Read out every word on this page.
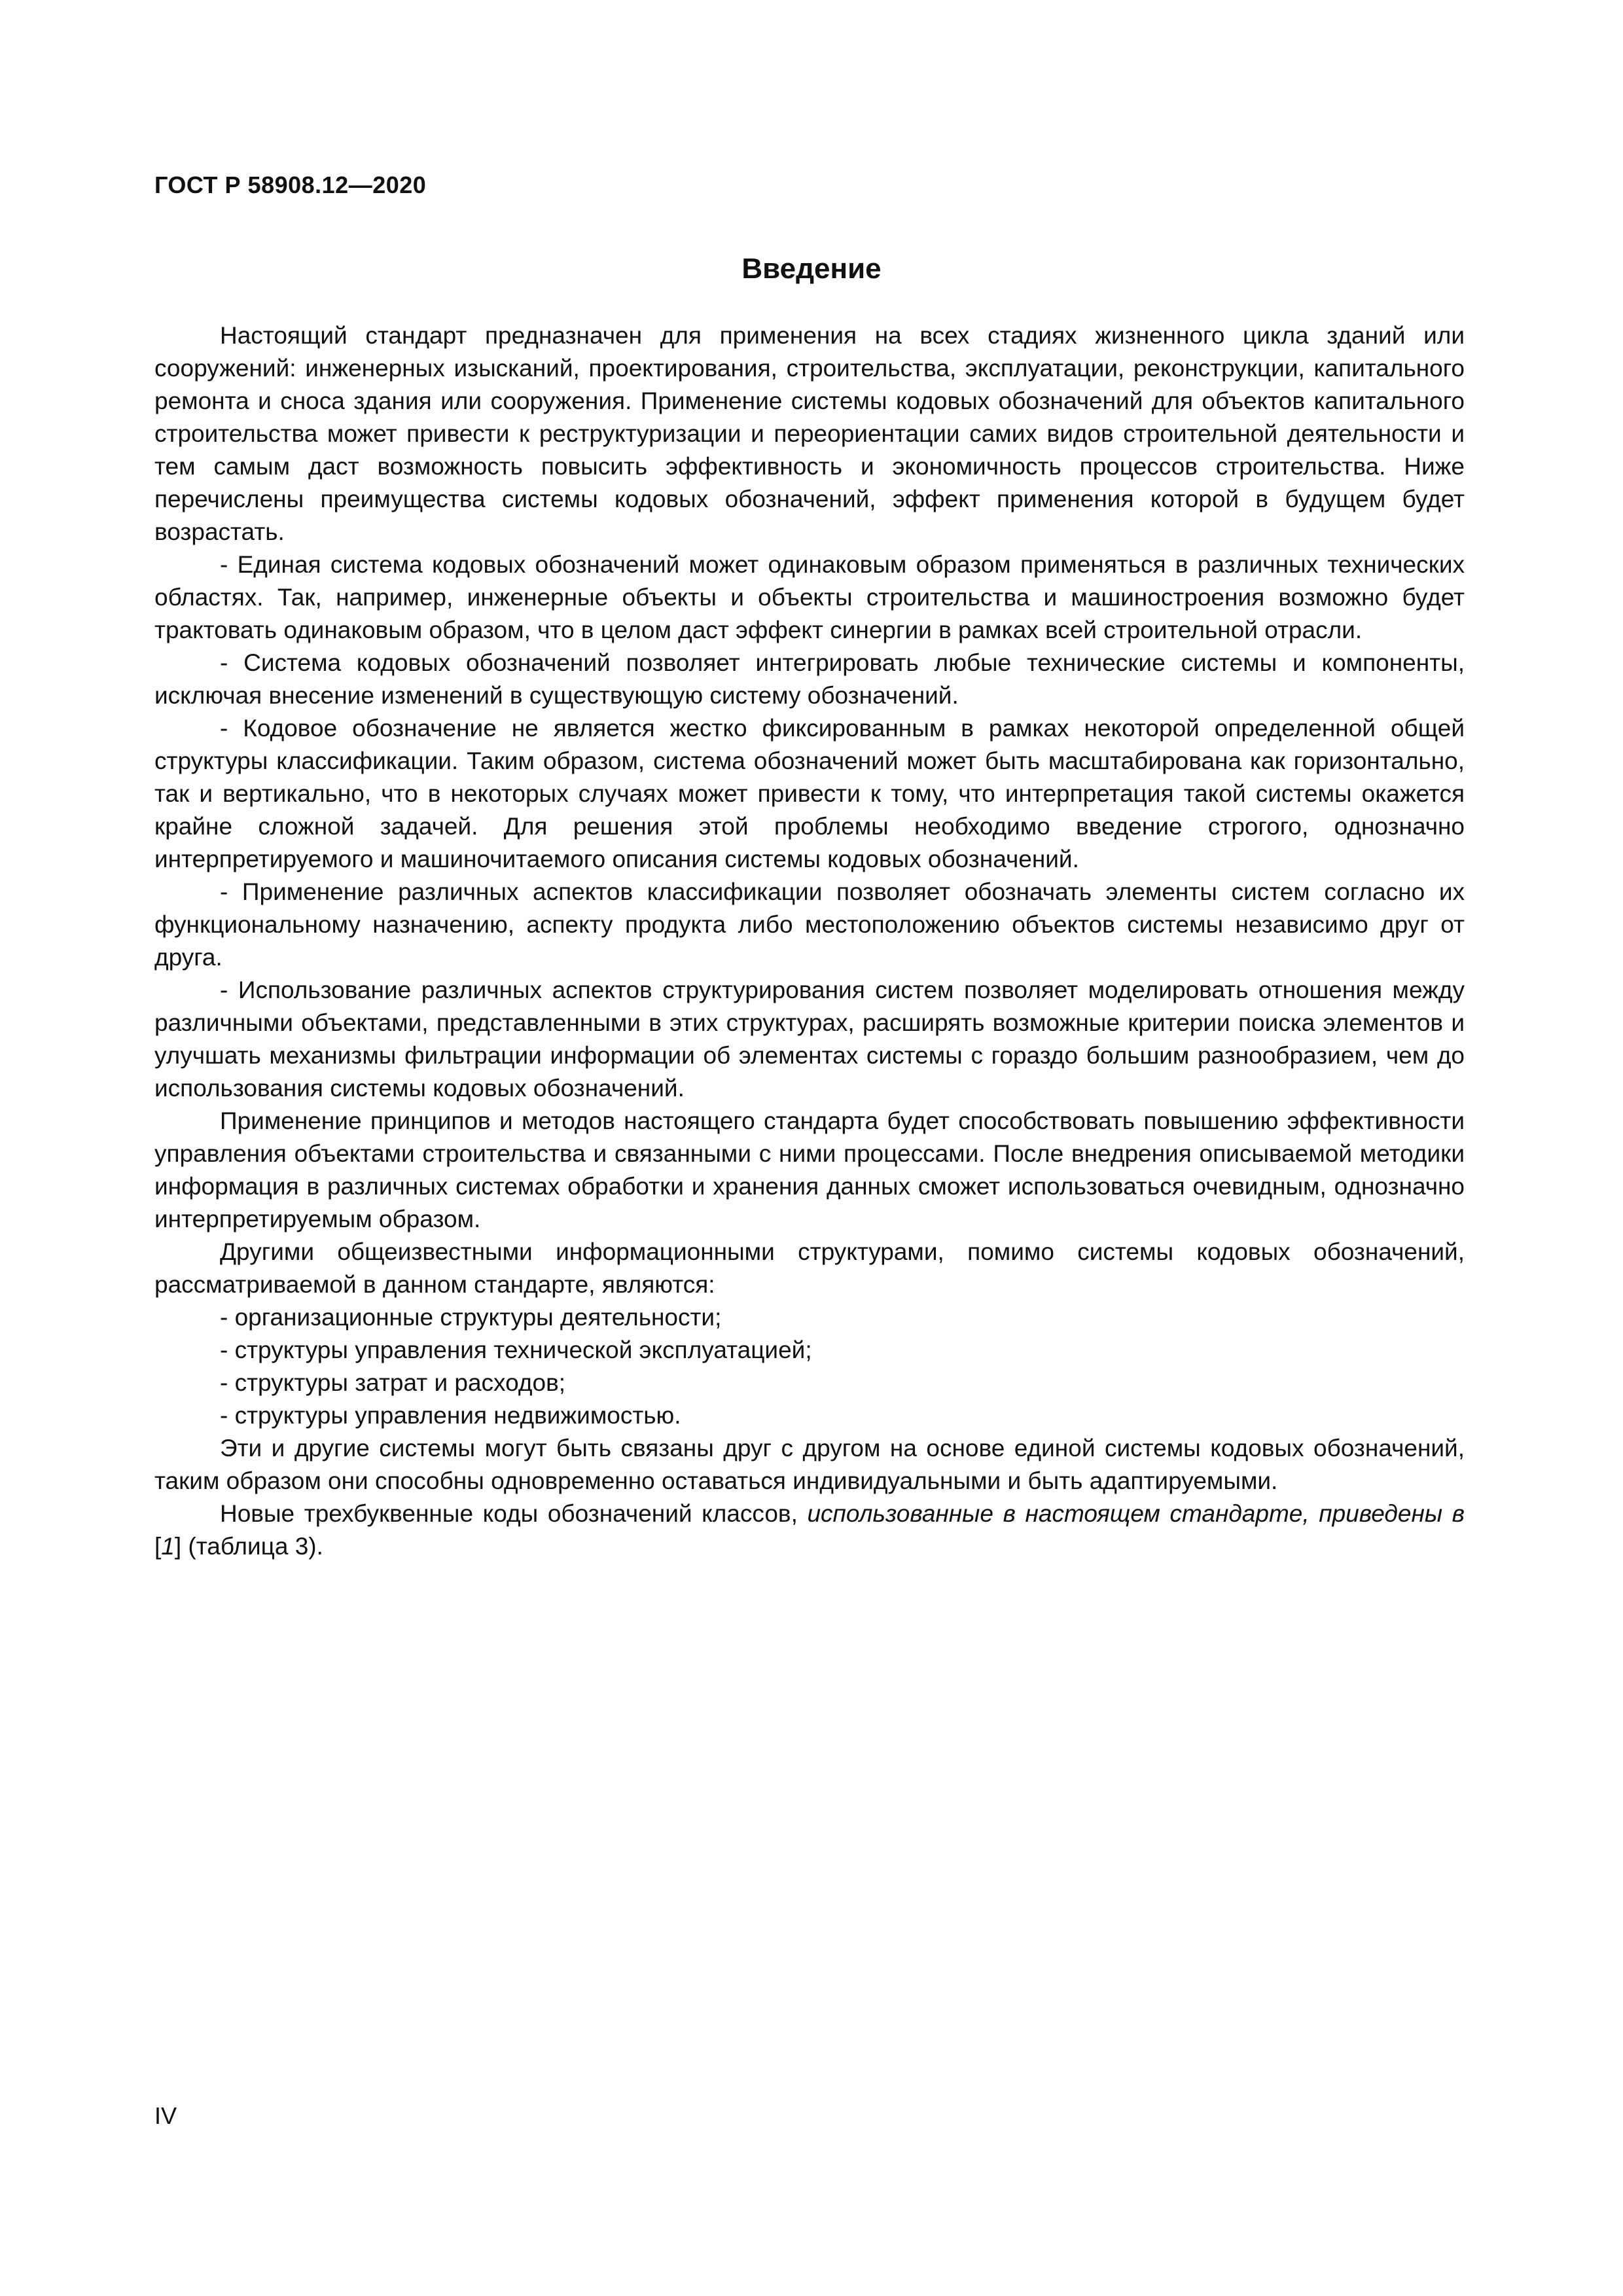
ГОСТ Р 58908.12—2020
Введение

Настоящий стандарт предназначен для применения на всех стадиях жизненного цикла зданий или сооружений: инженерных изысканий, проектирования, строительства, эксплуатации, реконструкции, капитального ремонта и сноса здания или сооружения. Применение системы кодовых обозначений для объектов капитального строительства может привести к реструктуризации и переориентации самих видов строительной деятельности и тем самым даст возможность повысить эффективность и экономичность процессов строительства. Ниже перечислены преимущества системы кодовых обозначений, эффект применения которой в будущем будет возрастать.

- Единая система кодовых обозначений может одинаковым образом применяться в различных технических областях. Так, например, инженерные объекты и объекты строительства и машиностроения возможно будет трактовать одинаковым образом, что в целом даст эффект синергии в рамках всей строительной отрасли.

- Система кодовых обозначений позволяет интегрировать любые технические системы и компоненты, исключая внесение изменений в существующую систему обозначений.

- Кодовое обозначение не является жестко фиксированным в рамках некоторой определенной общей структуры классификации. Таким образом, система обозначений может быть масштабирована как горизонтально, так и вертикально, что в некоторых случаях может привести к тому, что интерпретация такой системы окажется крайне сложной задачей. Для решения этой проблемы необходимо введение строгого, однозначно интерпретируемого и машиночитаемого описания системы кодовых обозначений.

- Применение различных аспектов классификации позволяет обозначать элементы систем согласно их функциональному назначению, аспекту продукта либо местоположению объектов системы независимо друг от друга.

- Использование различных аспектов структурирования систем позволяет моделировать отношения между различными объектами, представленными в этих структурах, расширять возможные критерии поиска элементов и улучшать механизмы фильтрации информации об элементах системы с гораздо большим разнообразием, чем до использования системы кодовых обозначений.

Применение принципов и методов настоящего стандарта будет способствовать повышению эффективности управления объектами строительства и связанными с ними процессами. После внедрения описываемой методики информация в различных системах обработки и хранения данных сможет использоваться очевидным, однозначно интерпретируемым образом.

Другими общеизвестными информационными структурами, помимо системы кодовых обозначений, рассматриваемой в данном стандарте, являются:

- организационные структуры деятельности;

- структуры управления технической эксплуатацией;

- структуры затрат и расходов;

- структуры управления недвижимостью.

Эти и другие системы могут быть связаны друг с другом на основе единой системы кодовых обозначений, таким образом они способны одновременно оставаться индивидуальными и быть адаптируемыми.

Новые трехбуквенные коды обозначений классов, использованные в настоящем стандарте, приведены в [1] (таблица 3).

IV
